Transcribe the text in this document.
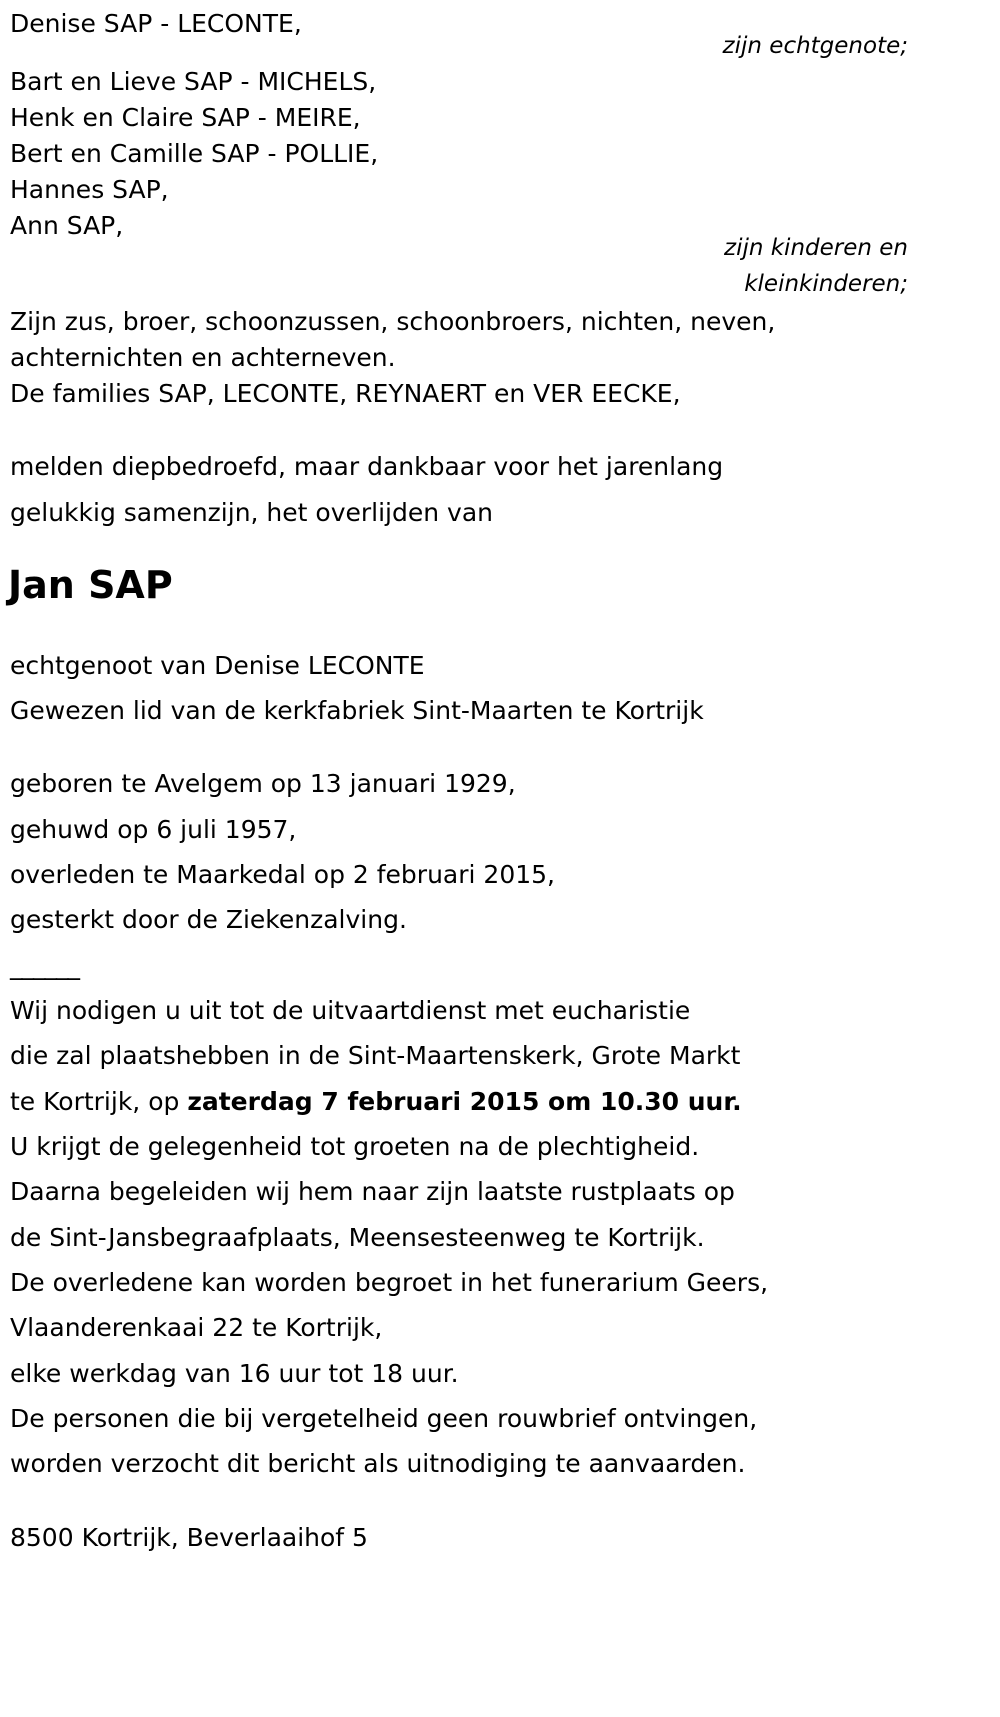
Denise SAP - LECONTE,
zijn echtgenote;
Bart en Lieve SAP - MICHELS,
Henk en Claire SAP - MEIRE,
Bert en Camille SAP - POLLIE,
Hannes SAP,
Ann SAP,
zijn kinderen en
kleinkinderen;
Zijn zus, broer, schoonzussen, schoonbroers, nichten, neven,
achternichten en achterneven.
De families SAP, LECONTE, REYNAERT en VER EECKE,
melden diepbedroefd, maar dankbaar voor het jarenlang
gelukkig samenzijn, het overlijden van
Jan SAP
echtgenoot van Denise LECONTE
Gewezen lid van de kerkfabriek Sint-Maarten te Kortrijk
geboren te Avelgem op 13 januari 1929,
gehuwd op 6 juli 1957,
overleden te Maarkedal op 2 februari 2015,
gesterkt door de Ziekenzalving.
______
Wij nodigen u uit tot de uitvaartdienst met eucharistie
die zal plaatshebben in de Sint-Maartenskerk, Grote Markt
te Kortrijk, op zaterdag 7 februari 2015 om 10.30 uur.
U krijgt de gelegenheid tot groeten na de plechtigheid.
Daarna begeleiden wij hem naar zijn laatste rustplaats op
de Sint-Jansbegraafplaats, Meensesteenweg te Kortrijk.
De overledene kan worden begroet in het funerarium Geers,
Vlaanderenkaai 22 te Kortrijk,
elke werkdag van 16 uur tot 18 uur.
De personen die bij vergetelheid geen rouwbrief ontvingen,
worden verzocht dit bericht als uitnodiging te aanvaarden.
8500 Kortrijk, Beverlaaihof 5
